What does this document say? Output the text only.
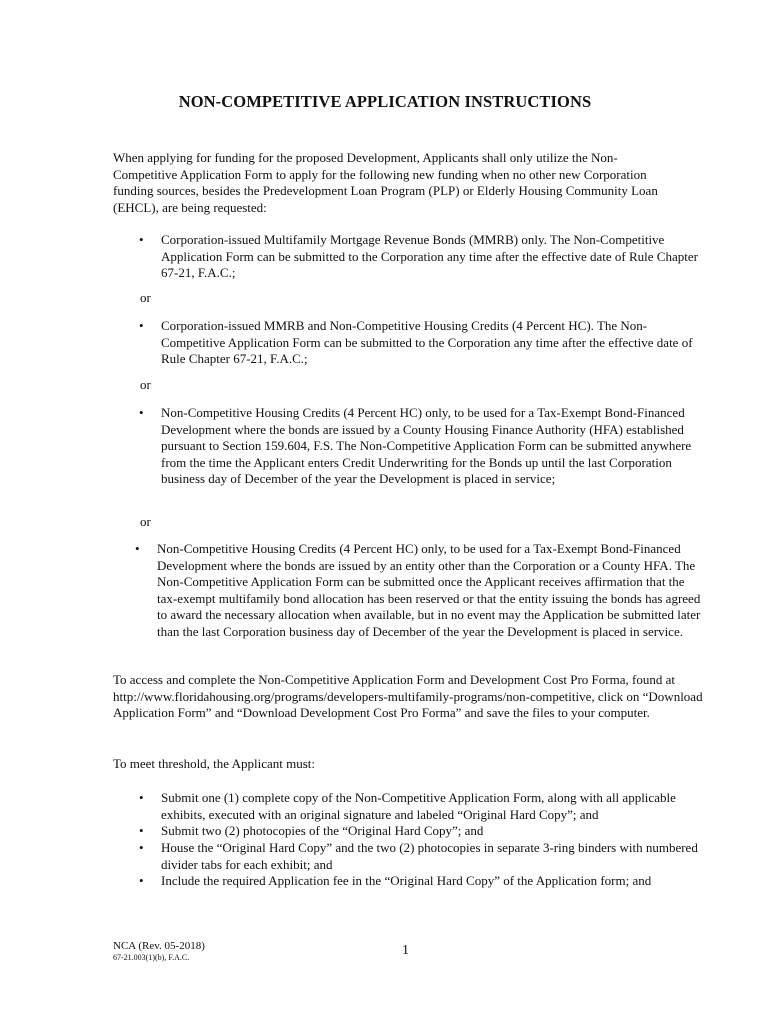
NON-COMPETITIVE APPLICATION INSTRUCTIONS

When applying for funding for the proposed Development, Applicants shall only utilize the Non-Competitive Application Form to apply for the following new funding when no other new Corporation funding sources, besides the Predevelopment Loan Program (PLP) or Elderly Housing Community Loan (EHCL), are being requested:

• Corporation-issued Multifamily Mortgage Revenue Bonds (MMRB) only. The Non-Competitive Application Form can be submitted to the Corporation any time after the effective date of Rule Chapter 67-21, F.A.C.;

or

• Corporation-issued MMRB and Non-Competitive Housing Credits (4 Percent HC). The Non-Competitive Application Form can be submitted to the Corporation any time after the effective date of Rule Chapter 67-21, F.A.C.;

or

• Non-Competitive Housing Credits (4 Percent HC) only, to be used for a Tax-Exempt Bond-Financed Development where the bonds are issued by a County Housing Finance Authority (HFA) established pursuant to Section 159.604, F.S. The Non-Competitive Application Form can be submitted anywhere from the time the Applicant enters Credit Underwriting for the Bonds up until the last Corporation business day of December of the year the Development is placed in service;

or

• Non-Competitive Housing Credits (4 Percent HC) only, to be used for a Tax-Exempt Bond-Financed Development where the bonds are issued by an entity other than the Corporation or a County HFA. The Non-Competitive Application Form can be submitted once the Applicant receives affirmation that the tax-exempt multifamily bond allocation has been reserved or that the entity issuing the bonds has agreed to award the necessary allocation when available, but in no event may the Application be submitted later than the last Corporation business day of December of the year the Development is placed in service.

To access and complete the Non-Competitive Application Form and Development Cost Pro Forma, found at http://www.floridahousing.org/programs/developers-multifamily-programs/non-competitive, click on “Download Application Form” and “Download Development Cost Pro Forma” and save the files to your computer.

To meet threshold, the Applicant must:

• Submit one (1) complete copy of the Non-Competitive Application Form, along with all applicable exhibits, executed with an original signature and labeled “Original Hard Copy”; and

• Submit two (2) photocopies of the “Original Hard Copy”; and

• House the “Original Hard Copy” and the two (2) photocopies in separate 3-ring binders with numbered divider tabs for each exhibit; and

• Include the required Application fee in the “Original Hard Copy” of the Application form; and

NCA (Rev. 05-2018)
67-21.003(1)(b), F.A.C.	1
